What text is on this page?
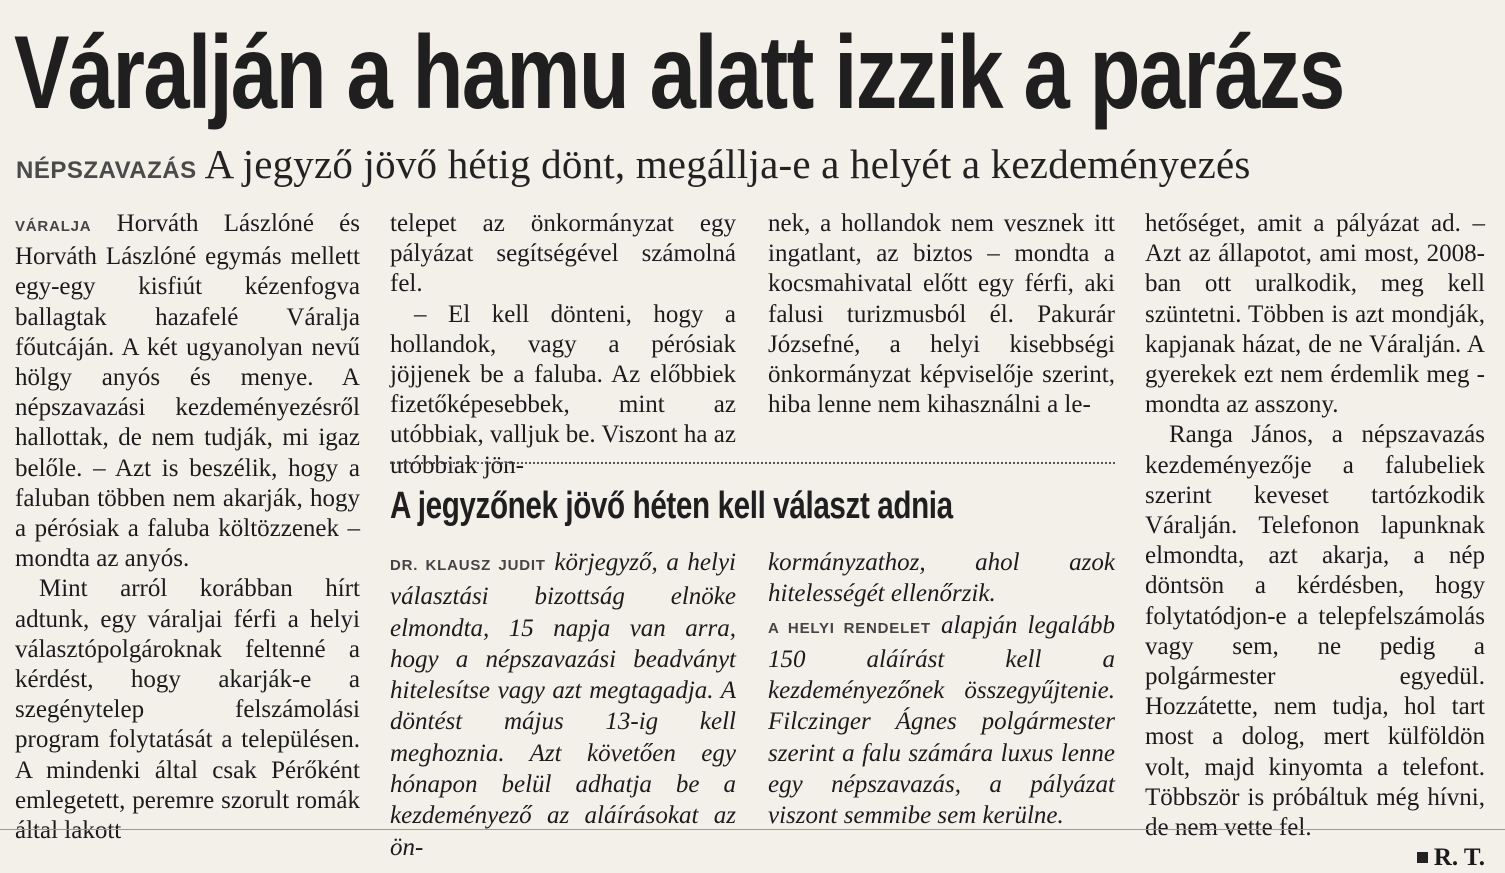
Váralján a hamu alatt izzik a parázs
NÉPSZAVAZÁS A jegyző jövő hétig dönt, megállja-e a helyét a kezdeményezés

VÁRALJA Horváth Lászlóné és Horváth Lászlóné egymás mellett egy-egy kisfiút kézenfogva ballagtak hazafelé Váralja főutcáján. A két ugyanolyan nevű hölgy anyós és menye. A népszavazási kezdeményezésről hallottak, de nem tudják, mi igaz belőle. – Azt is beszélik, hogy a faluban többen nem akarják, hogy a pérósiak a faluba költözzenek – mondta az anyós.

Mint arról korábban hírt adtunk, egy váraljai férfi a helyi választópolgároknak feltenné a kérdést, hogy akarják-e a szegénytelep felszámolási program folytatását a településen. A mindenki által csak Pérőként emlegetett, peremre szorult romák által lakott

telepet az önkormányzat egy pályázat segítségével számolná fel.

– El kell dönteni, hogy a hollandok, vagy a pérósiak jöjjenek be a faluba. Az előbbiek fizetőképesebbek, mint az utóbbiak, valljuk be. Viszont ha az utóbbiak jön-

nek, a hollandok nem vesznek itt ingatlant, az biztos – mondta a kocsmahivatal előtt egy férfi, aki falusi turizmusból él. Pakurár Józsefné, a helyi kisebbségi önkormányzat képviselője szerint, hiba lenne nem kihasználni a le-

hetőséget, amit a pályázat ad. – Azt az állapotot, ami most, 2008-ban ott uralkodik, meg kell szüntetni. Többen is azt mondják, kapjanak házat, de ne Váralján. A gyerekek ezt nem érdemlik meg - mondta az asszony.

Ranga János, a népszavazás kezdeményezője a falubeliek szerint keveset tartózkodik Váralján. Telefonon lapunknak elmondta, azt akarja, a nép döntsön a kérdésben, hogy folytatódjon-e a telepfelszámolás vagy sem, ne pedig a polgármester egyedül. Hozzátette, nem tudja, hol tart most a dolog, mert külföldön volt, majd kinyomta a telefont. Többször is próbáltuk még hívni, de nem vette fel.

R. T.

A jegyzőnek jövő héten kell választ adnia

DR. KLAUSZ JUDIT körjegyző, a helyi választási bizottság elnöke elmondta, 15 napja van arra, hogy a népszavazási beadványt hitelesítse vagy azt megtagadja. A döntést május 13-ig kell meghoznia. Azt követően egy hónapon belül adhatja be a kezdeményező az aláírásokat az ön-

kormányzathoz, ahol azok hitelességét ellenőrzik.

A HELYI RENDELET alapján legalább 150 aláírást kell a kezdeményezőnek összegyűjtenie. Filczinger Ágnes polgármester szerint a falu számára luxus lenne egy népszavazás, a pályázat viszont semmibe sem kerülne.
